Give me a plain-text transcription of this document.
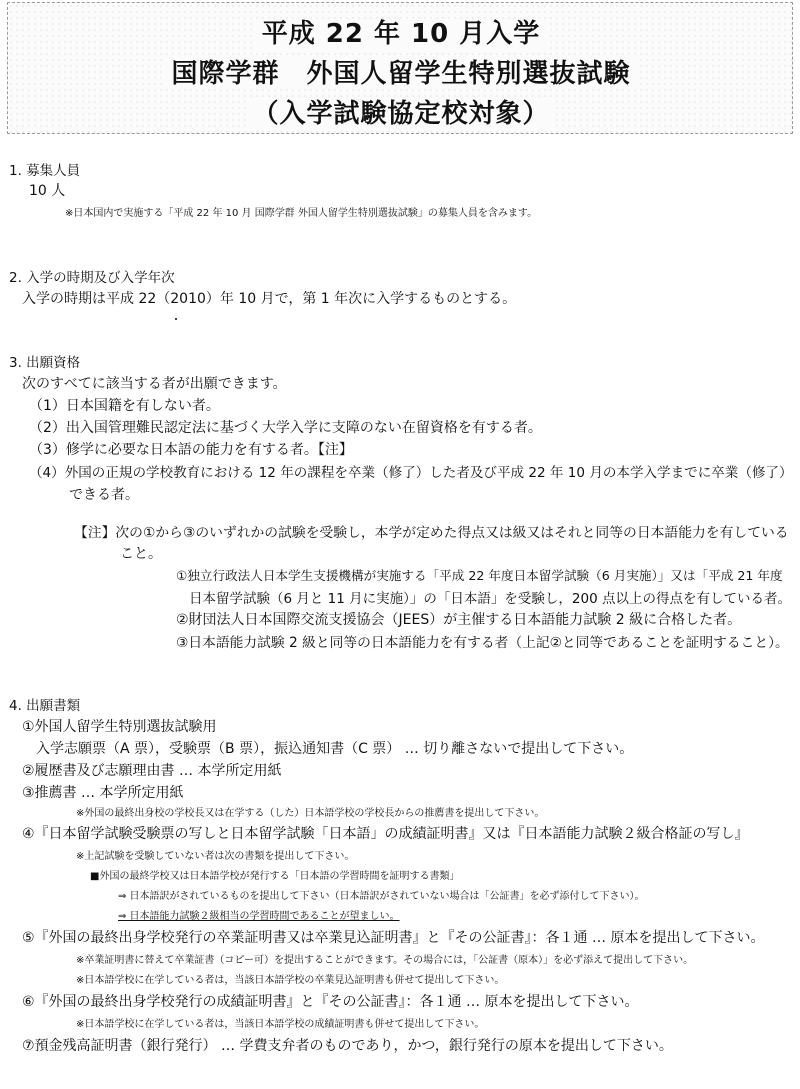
平成 22 年 10 月入学
国際学群　外国人留学生特別選抜試験
（入学試験協定校対象）
1. 募集人員
10 人
※日本国内で実施する「平成 22 年 10 月 国際学群 外国人留学生特別選抜試験」の募集人員を含みます。
2. 入学の時期及び入学年次
入学の時期は平成 22（2010）年 10 月で，第 1 年次に入学するものとする。
3. 出願資格
次のすべてに該当する者が出願できます。
（1）日本国籍を有しない者。
（2）出入国管理難民認定法に基づく大学入学に支障のない在留資格を有する者。
（3）修学に必要な日本語の能力を有する者。【注】
（4）外国の正規の学校教育における 12 年の課程を卒業（修了）した者及び平成 22 年 10 月の本学入学までに卒業（修了）
できる者。
【注】次の①から③のいずれかの試験を受験し，本学が定めた得点又は級又はそれと同等の日本語能力を有している
こと。
①独立行政法人日本学生支援機構が実施する「平成 22 年度日本留学試験（6 月実施）」又は「平成 21 年度
日本留学試験（6 月と 11 月に実施）」の「日本語」を受験し，200 点以上の得点を有している者。
②財団法人日本国際交流支援協会（JEES）が主催する日本語能力試験 2 級に合格した者。
③日本語能力試験 2 級と同等の日本語能力を有する者（上記②と同等であることを証明すること）。
4. 出願書類
①外国人留学生特別選抜試験用
入学志願票（A 票），受験票（B 票），振込通知書（C 票） … 切り離さないで提出して下さい。
②履歴書及び志願理由書 … 本学所定用紙
③推薦書 … 本学所定用紙
※外国の最終出身校の学校長又は在学する（した）日本語学校の学校長からの推薦書を提出して下さい。
④『日本留学試験受験票の写しと日本留学試験「日本語」の成績証明書』又は『日本語能力試験２級合格証の写し』
※上記試験を受験していない者は次の書類を提出して下さい。
■外国の最終学校又は日本語学校が発行する「日本語の学習時間を証明する書類」
⇒ 日本語訳がされているものを提出して下さい（日本語訳がされていない場合は「公証書」を必ず添付して下さい）。
⇒ 日本語能力試験２級相当の学習時間であることが望ましい。
⑤『外国の最終出身学校発行の卒業証明書又は卒業見込証明書』と『その公証書』：各１通 … 原本を提出して下さい。
※卒業証明書に替えて卒業証書（コピー可）を提出することができます。その場合には，「公証書（原本）」を必ず添えて提出して下さい。
※日本語学校に在学している者は，当該日本語学校の卒業見込証明書も併せて提出して下さい。
⑥『外国の最終出身学校発行の成績証明書』と『その公証書』：各１通 … 原本を提出して下さい。
※日本語学校に在学している者は，当該日本語学校の成績証明書も併せて提出して下さい。
⑦預金残高証明書（銀行発行） … 学費支弁者のものであり，かつ，銀行発行の原本を提出して下さい。
